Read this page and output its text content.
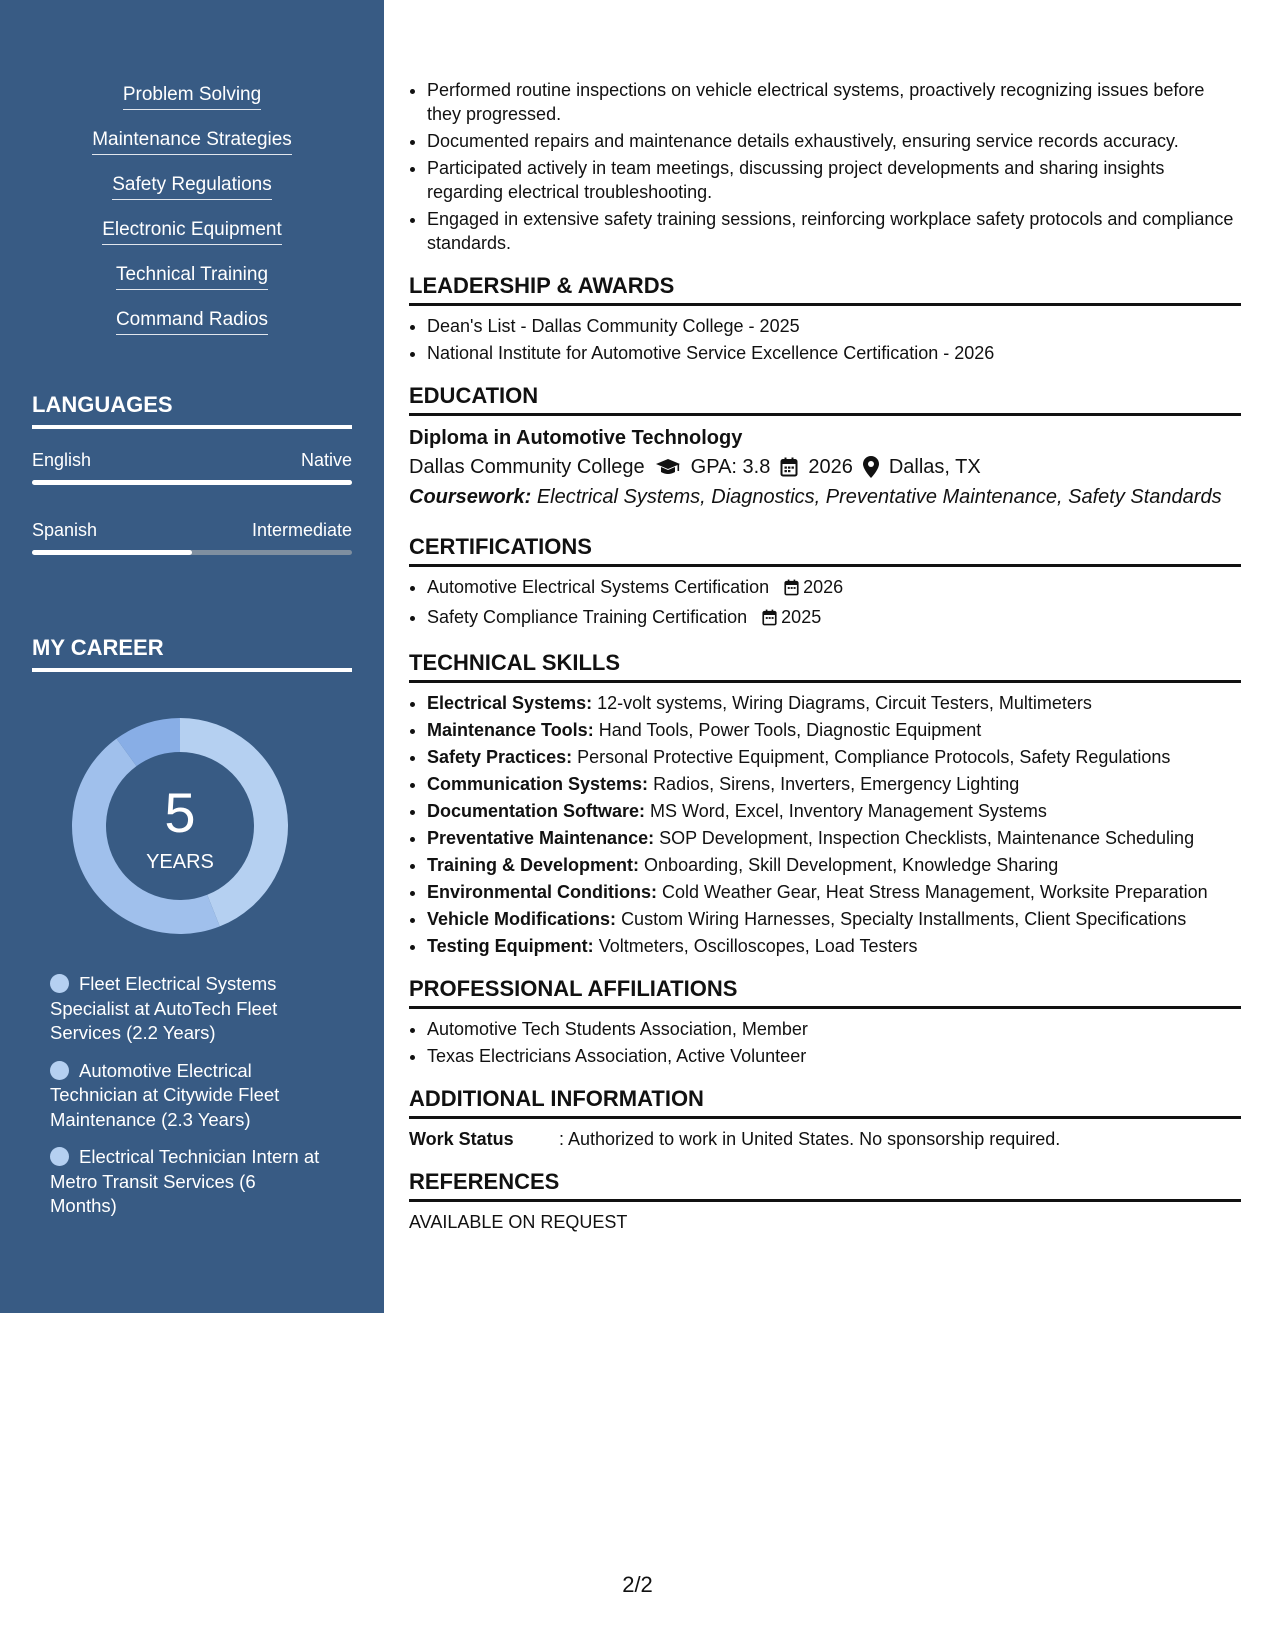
Problem Solving
Maintenance Strategies
Safety Regulations
Electronic Equipment
Technical Training
Command Radios
LANGUAGES
English	Native
Spanish	Intermediate
MY CAREER
5
YEARS
Fleet Electrical Systems Specialist at AutoTech Fleet Services (2.2 Years)
Automotive Electrical Technician at Citywide Fleet Maintenance (2.3 Years)
Electrical Technician Intern at Metro Transit Services (6 Months)
• Performed routine inspections on vehicle electrical systems, proactively recognizing issues before they progressed.
• Documented repairs and maintenance details exhaustively, ensuring service records accuracy.
• Participated actively in team meetings, discussing project developments and sharing insights regarding electrical troubleshooting.
• Engaged in extensive safety training sessions, reinforcing workplace safety protocols and compliance standards.
LEADERSHIP & AWARDS
• Dean's List - Dallas Community College - 2025
• National Institute for Automotive Service Excellence Certification - 2026
EDUCATION
Diploma in Automotive Technology
Dallas Community College GPA: 3.8 2026 Dallas, TX
Coursework: Electrical Systems, Diagnostics, Preventative Maintenance, Safety Standards
CERTIFICATIONS
• Automotive Electrical Systems Certification 2026
• Safety Compliance Training Certification 2025
TECHNICAL SKILLS
• Electrical Systems: 12-volt systems, Wiring Diagrams, Circuit Testers, Multimeters
• Maintenance Tools: Hand Tools, Power Tools, Diagnostic Equipment
• Safety Practices: Personal Protective Equipment, Compliance Protocols, Safety Regulations
• Communication Systems: Radios, Sirens, Inverters, Emergency Lighting
• Documentation Software: MS Word, Excel, Inventory Management Systems
• Preventative Maintenance: SOP Development, Inspection Checklists, Maintenance Scheduling
• Training & Development: Onboarding, Skill Development, Knowledge Sharing
• Environmental Conditions: Cold Weather Gear, Heat Stress Management, Worksite Preparation
• Vehicle Modifications: Custom Wiring Harnesses, Specialty Installments, Client Specifications
• Testing Equipment: Voltmeters, Oscilloscopes, Load Testers
PROFESSIONAL AFFILIATIONS
• Automotive Tech Students Association, Member
• Texas Electricians Association, Active Volunteer
ADDITIONAL INFORMATION
Work Status	: Authorized to work in United States. No sponsorship required.
REFERENCES
AVAILABLE ON REQUEST
2/2
